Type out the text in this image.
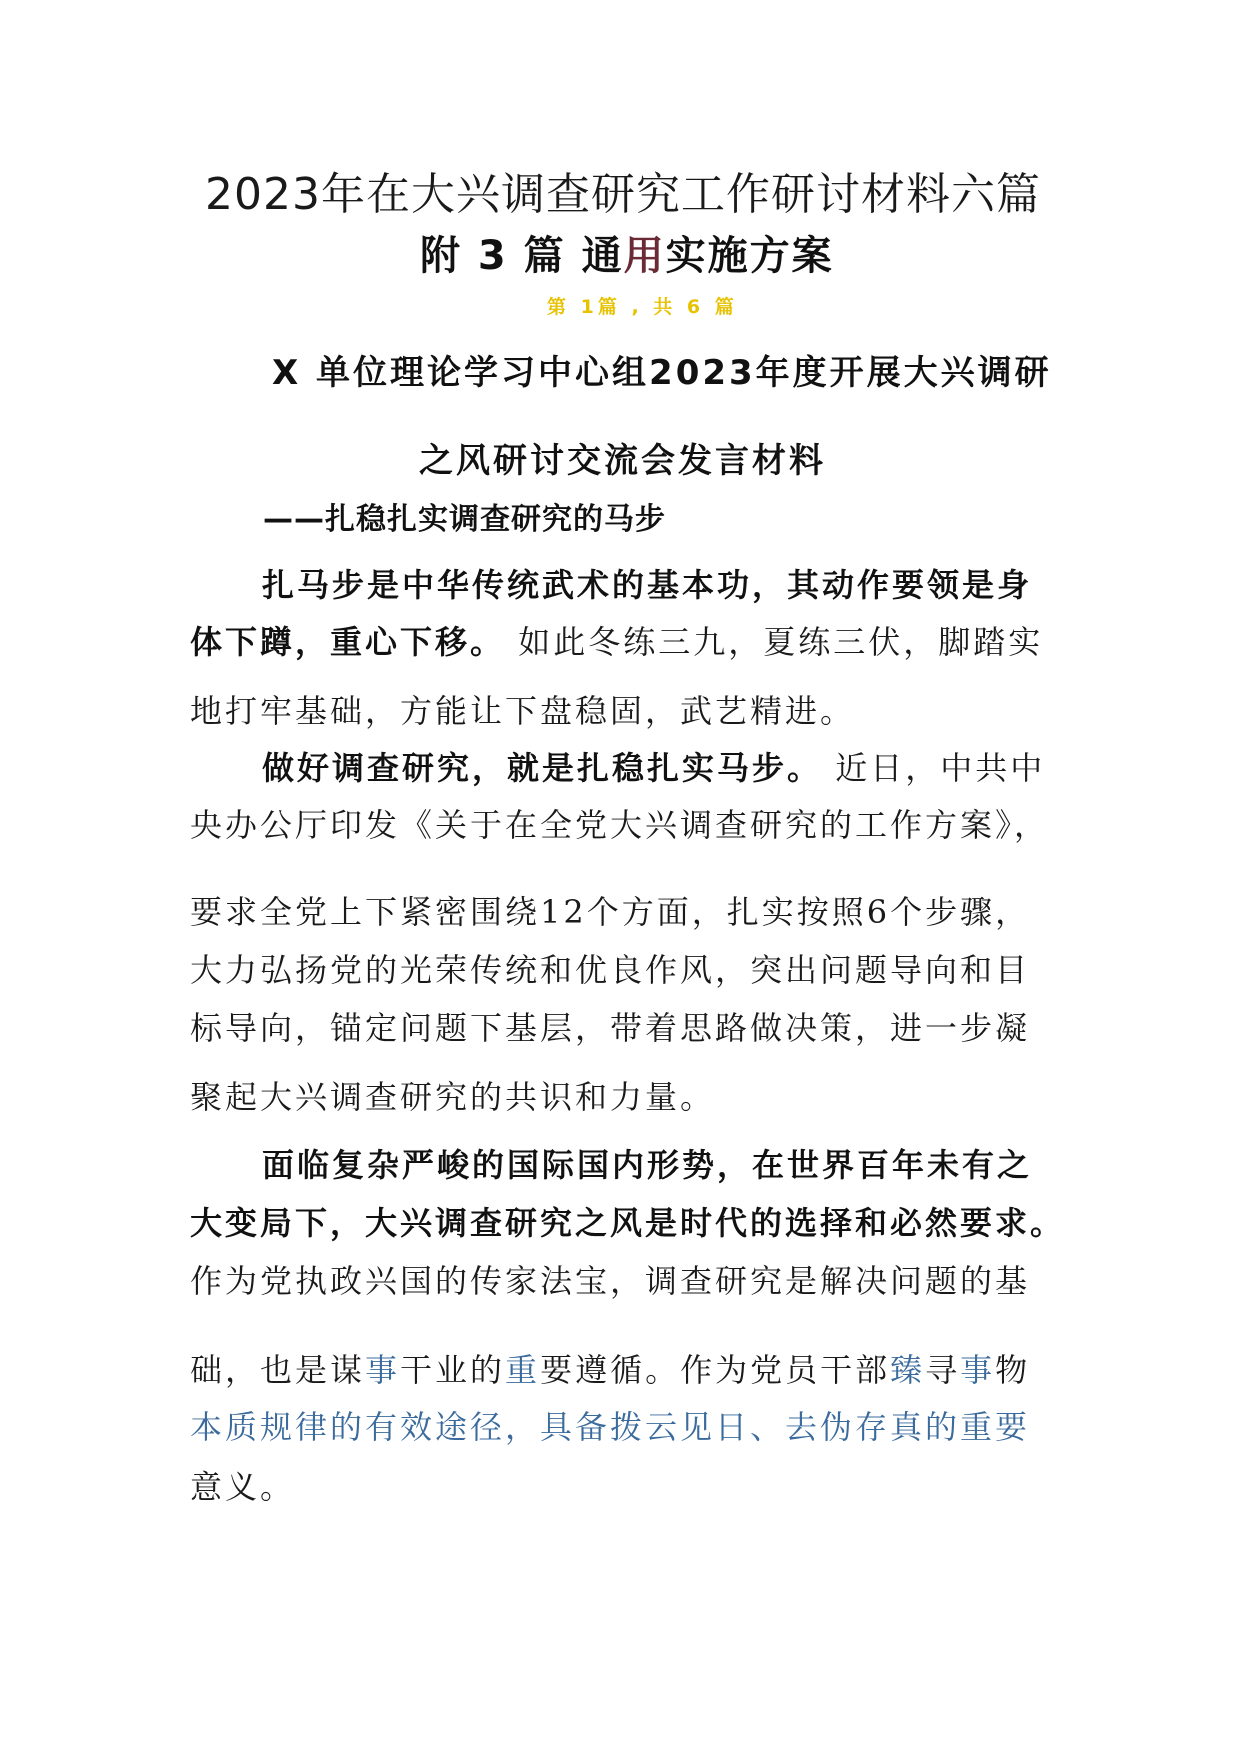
2023年在大兴调查研究工作研讨材料六篇

附 3 篇 通用实施方案

第 1篇 , 共 6 篇

X 单位理论学习中心组2023年度开展大兴调研

之风研讨交流会发言材料

——扎稳扎实调查研究的马步

扎马步是中华传统武术的基本功，其动作要领是身

体下蹲，重心下移。 如此冬练三九，夏练三伏，脚踏实

地打牢基础，方能让下盘稳固，武艺精进。

做好调查研究，就是扎稳扎实马步。 近日，中共中

央办公厅印发《关于在全党大兴调查研究的工作方案》，

要求全党上下紧密围绕12个方面，扎实按照6个步骤，

大力弘扬党的光荣传统和优良作风，突出问题导向和目

标导向，锚定问题下基层，带着思路做决策，进一步凝

聚起大兴调查研究的共识和力量。

面临复杂严峻的国际国内形势，在世界百年未有之

大变局下，大兴调查研究之风是时代的选择和必然要求。

作为党执政兴国的传家法宝，调查研究是解决问题的基

础，也是谋事干业的重要遵循。作为党员干部臻寻事物

本质规律的有效途径，具备拨云见日、去伪存真的重要

意义。
